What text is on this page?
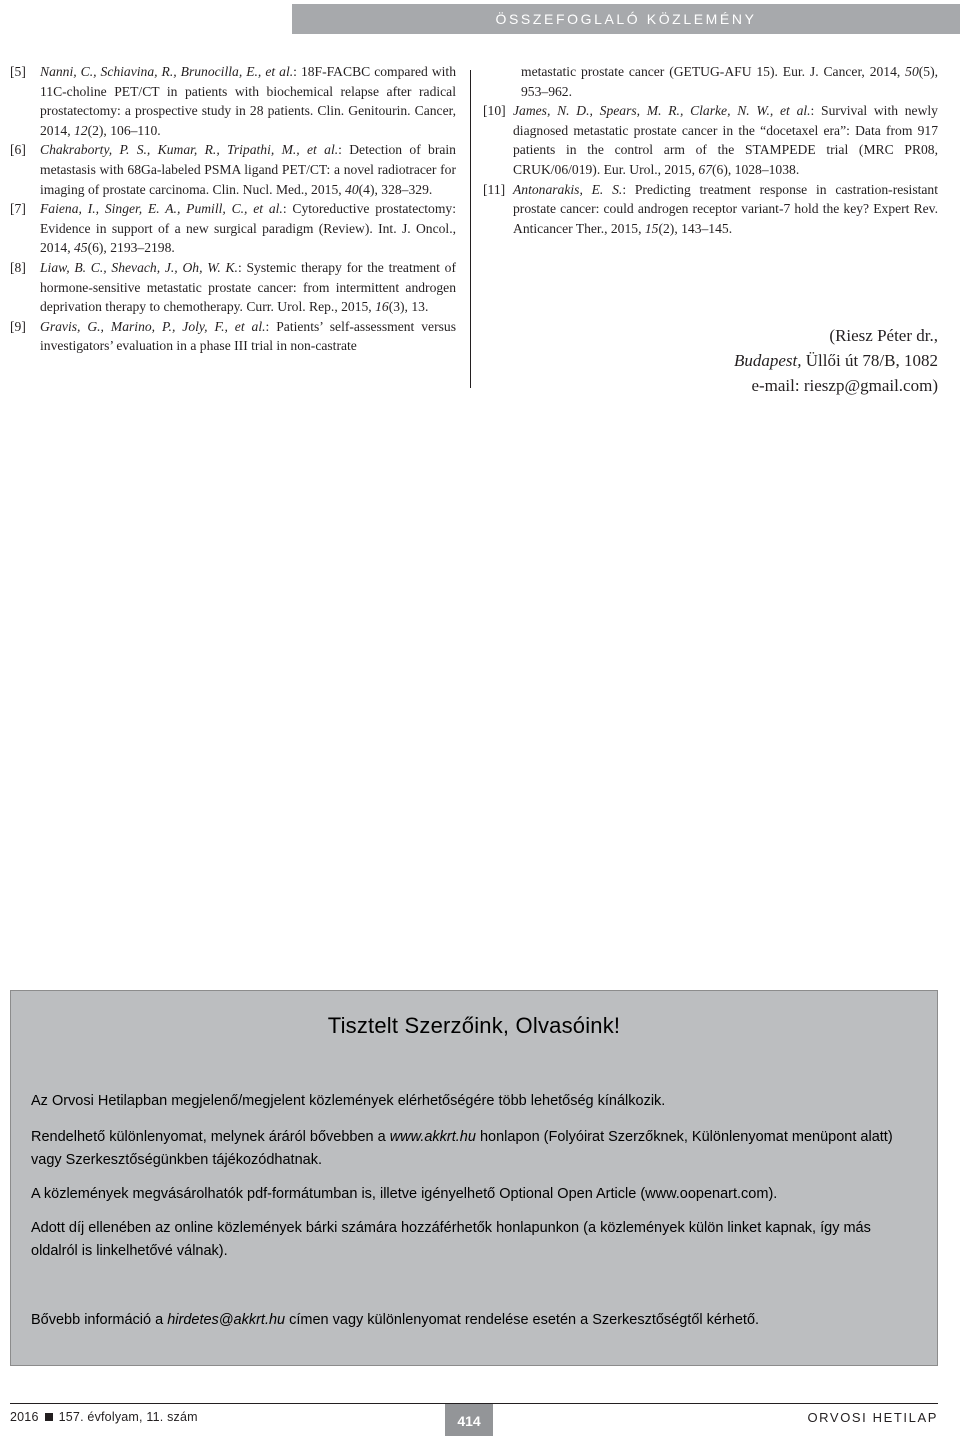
ÖSSZEFOGLALÓ KÖZLEMÉNY
[5] Nanni, C., Schiavina, R., Brunocilla, E., et al.: 18F-FACBC compared with 11C-choline PET/CT in patients with biochemical relapse after radical prostatectomy: a prospective study in 28 patients. Clin. Genitourin. Cancer, 2014, 12(2), 106–110.
[6] Chakraborty, P. S., Kumar, R., Tripathi, M., et al.: Detection of brain metastasis with 68Ga-labeled PSMA ligand PET/CT: a novel radiotracer for imaging of prostate carcinoma. Clin. Nucl. Med., 2015, 40(4), 328–329.
[7] Faiena, I., Singer, E. A., Pumill, C., et al.: Cytoreductive prostatectomy: Evidence in support of a new surgical paradigm (Review). Int. J. Oncol., 2014, 45(6), 2193–2198.
[8] Liaw, B. C., Shevach, J., Oh, W. K.: Systemic therapy for the treatment of hormone-sensitive metastatic prostate cancer: from intermittent androgen deprivation therapy to chemotherapy. Curr. Urol. Rep., 2015, 16(3), 13.
[9] Gravis, G., Marino, P., Joly, F., et al.: Patients’ self-assessment versus investigators’ evaluation in a phase III trial in non-castrate
metastatic prostate cancer (GETUG-AFU 15). Eur. J. Cancer, 2014, 50(5), 953–962.
[10] James, N. D., Spears, M. R., Clarke, N. W., et al.: Survival with newly diagnosed metastatic prostate cancer in the “docetaxel era”: Data from 917 patients in the control arm of the STAMPEDE trial (MRC PR08, CRUK/06/019). Eur. Urol., 2015, 67(6), 1028–1038.
[11] Antonarakis, E. S.: Predicting treatment response in castration-resistant prostate cancer: could androgen receptor variant-7 hold the key? Expert Rev. Anticancer Ther., 2015, 15(2), 143–145.
(Riesz Péter dr.,
Budapest, Üllői út 78/B, 1082
e-mail: rieszp@gmail.com)
Tisztelt Szerzőink, Olvasóink!

Az Orvosi Hetilapban megjelenő/megjelent közlemények elérhetőségére több lehetőség kínálkozik.

Rendelhető különlenyomat, melynek áráról bővebben a www.akkrt.hu honlapon (Folyóirat Szerzőknek, Különlenyomat menüpont alatt) vagy Szerkesztőségünkben tájékozódhatnak.

A közlemények megvásárolhatók pdf-formátumban is, illetve igényelhető Optional Open Article (www.oopenart.com).

Adott díj ellenében az online közlemények bárki számára hozzáférhetők honlapunkon (a közlemények külön linket kapnak, így más oldalról is linkelhetővé válnak).

Bővebb információ a hirdetes@akkrt.hu címen vagy különlenyomat rendelése esetén a Szerkesztőségtől kérhető.

2016 157. évfolyam, 11. szám	414	ORVOSI HETILAP
